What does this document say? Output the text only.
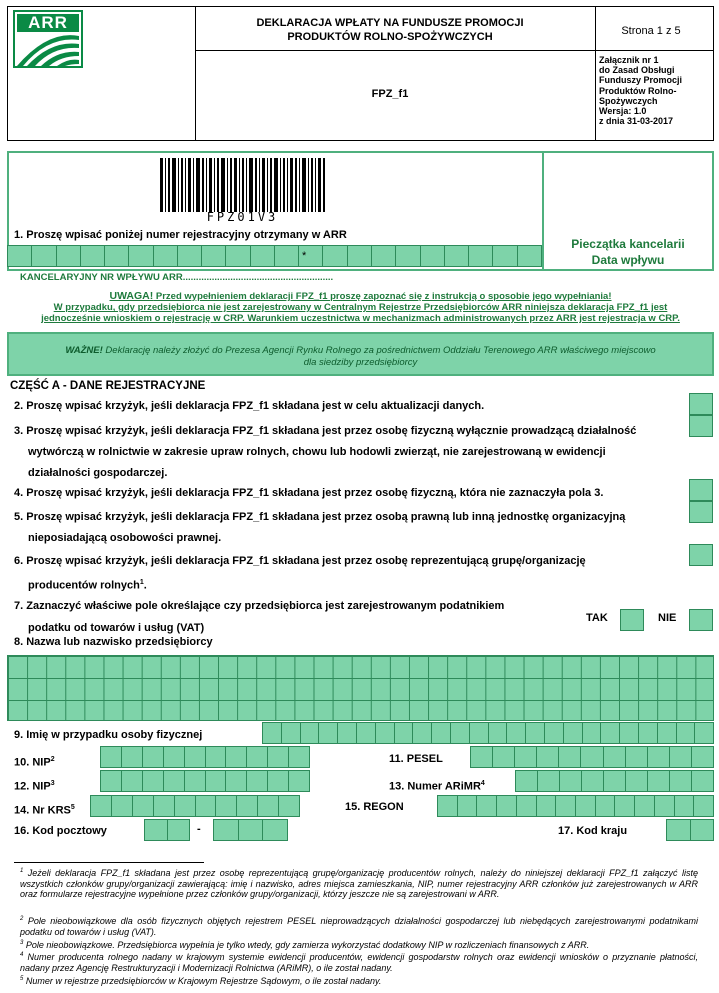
ARR	DEKLARACJA WPŁATY NA FUNDUSZE PROMOCJI
PRODUKTÓW ROLNO-SPOŻYWCZYCH	Strona 1 z 5
FPZ_f1
Załącznik nr 1
do Zasad Obsługi
Funduszy Promocji
Produktów Rolno-
Spożywczych
Wersja: 1.0
z dnia 31-03-2017
FPZ01V3
1. Proszę wpisać poniżej numer rejestracyjny otrzymany w ARR
*
Pieczątka kancelarii
Data wpływu
KANCELARYJNY NR WPŁYWU ARR.........................................................
UWAGA! Przed wypełnieniem deklaracji FPZ_f1 proszę zapoznać się z instrukcją o sposobie jego wypełniania!
W przypadku, gdy przedsiębiorca nie jest zarejestrowany w Centralnym Rejestrze Przedsiębiorców ARR niniejsza deklaracja FPZ_f1 jest
jednocześnie wnioskiem o rejestrację w CRP. Warunkiem uczestnictwa w mechanizmach administrowanych przez ARR jest rejestracja w CRP.
WAŻNE! Deklarację należy złożyć do Prezesa Agencji Rynku Rolnego za pośrednictwem Oddziału Terenowego ARR właściwego miejscowo
dla siedziby przedsiębiorcy
CZĘŚĆ A - DANE REJESTRACYJNE
2. Proszę wpisać krzyżyk, jeśli deklaracja FPZ_f1 składana jest w celu aktualizacji danych.
3. Proszę wpisać krzyżyk, jeśli deklaracja FPZ_f1 składana jest przez osobę fizyczną wyłącznie prowadzącą działalność
wytwórczą w rolnictwie w zakresie upraw rolnych, chowu lub hodowli zwierząt, nie zarejestrowaną w ewidencji
działalności gospodarczej.
4. Proszę wpisać krzyżyk, jeśli deklaracja FPZ_f1 składana jest przez osobę fizyczną, która nie zaznaczyła pola 3.
5. Proszę wpisać krzyżyk, jeśli deklaracja FPZ_f1 składana jest przez osobą prawną lub inną jednostkę organizacyjną
nieposiadającą osobowości prawnej.
6. Proszę wpisać krzyżyk, jeśli deklaracja FPZ_f1 składana jest przez osobę reprezentującą grupę/organizację
producentów rolnych$^1$.
7. Zaznaczyć właściwe pole określające czy przedsiębiorca jest zarejestrowanym podatnikiem
podatku od towarów i usług (VAT)
TAK	NIE
8. Nazwa lub nazwisko przedsiębiorcy
9. Imię w przypadku osoby fizycznej
10. NIP$^2$	11. PESEL
12. NIP$^3$	13. Numer ARiMR$^4$
14. Nr KRS$^5$	15. REGON
16. Kod pocztowy	-	17. Kod kraju
$^1$ Jeżeli deklaracja FPZ_f1 składana jest przez osobę reprezentującą grupę/organizację producentów rolnych, należy do niniejszej deklaracji FPZ_f1 załączyć listę wszystkich członków grupy/organizacji zawierającą: imię i nazwisko, adres miejsca zamieszkania, NIP, numer rejestracyjny ARR członków już zarejestrowanych w ARR oraz formularze rejestracyjne wypełnione przez członków grupy/organizacji, którzy jeszcze nie są zarejestrowani w ARR.
$^2$ Pole nieobowiązkowe dla osób fizycznych objętych rejestrem PESEL nieprowadzących działalności gospodarczej lub niebędących zarejestrowanymi podatnikami podatku od towarów i usług (VAT).
$^3$ Pole nieobowiązkowe. Przedsiębiorca wypełnia je tylko wtedy, gdy zamierza wykorzystać dodatkowy NIP w rozliczeniach finansowych z ARR.
$^4$ Numer producenta rolnego nadany w krajowym systemie ewidencji producentów, ewidencji gospodarstw rolnych oraz ewidencji wniosków o przyznanie płatności, nadany przez Agencję Restrukturyzacji i Modernizacji Rolnictwa (ARiMR), o ile został nadany.
$^5$ Numer w rejestrze przedsiębiorców w Krajowym Rejestrze Sądowym, o ile został nadany.
